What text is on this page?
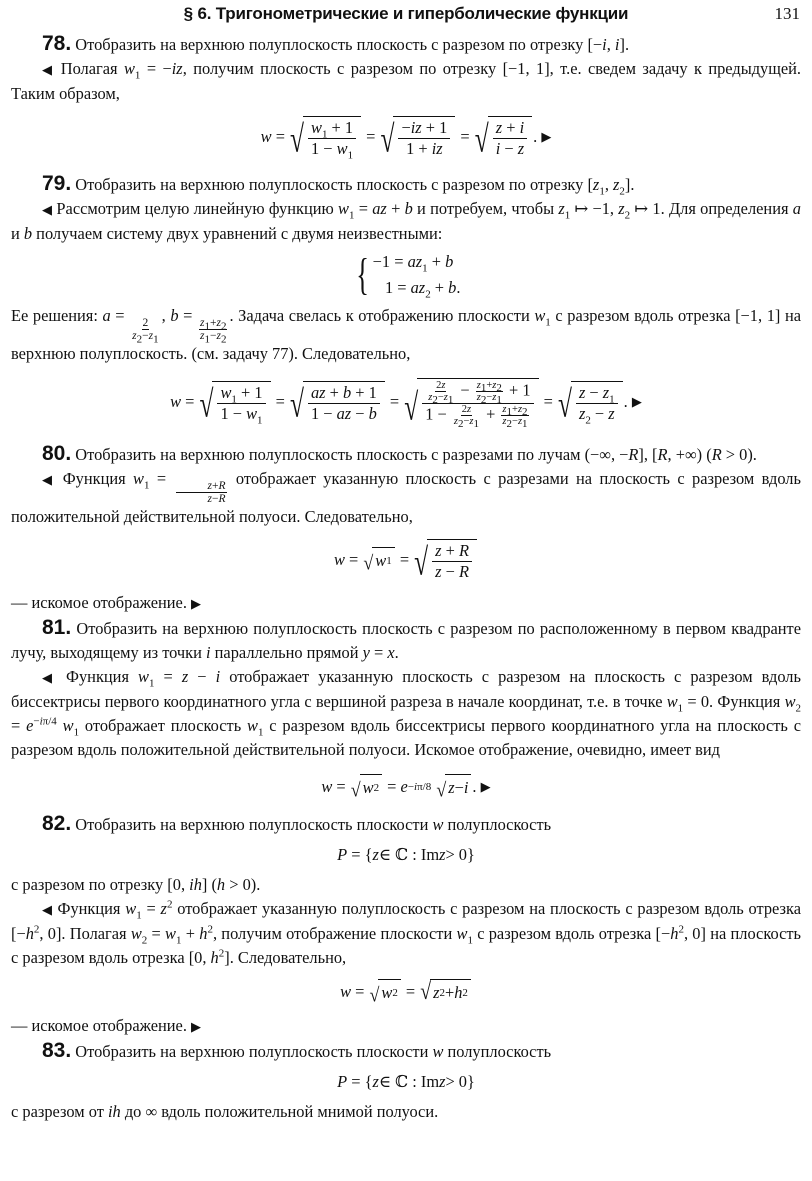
§ 6. Тригонометрические и гиперболические функции	131

78. Отобразить на верхнюю полуплоскость плоскость с разрезом по отрезку [−i, i].

◀ Полагая $w_1 = -iz$, получим плоскость с разрезом по отрезку [−1, 1], т.е. сведем задачу к предыдущей. Таким образом,

w = √ $\frac{w_1 + 1}{1 - w_1}$ = √ $\frac{-iz + 1}{1 + iz}$ = √ $\frac{z + i}{i - z}$ . ▶

79. Отобразить на верхнюю полуплоскость плоскость с разрезом по отрезку [$z_1$, $z_2$].

◀ Рассмотрим целую линейную функцию $w_1$ = az + b и потребуем, чтобы $z_1$ ↦ −1, $z_2$ ↦ 1. Для определения a и b получаем систему двух уравнений с двумя неизвестными:

{ $-1 = az_1 + b$
$1 = az_2 + b$.

Ее решения: a =
$\frac{2}{z_2-z_1}$
, b =
$\frac{z_1+z_2}{z_1-z_2}$
. Задача свелась к отображению плоскости $w_1$ с разрезом вдоль отрезка [−1, 1] на верхнюю полуплоскость. (см. задачу 77). Следовательно,

w = √ $\frac{w_1 + 1}{1 - w_1}$ = √ $\frac{az + b + 1}{1 - az - b}$ = √ $\frac{\frac{2z}{z_2-z_1} - \frac{z_1+z_2}{z_2-z_1} + 1}{1 - \frac{2z}{z_2-z_1} + \frac{z_1+z_2}{z_2-z_1}}$ = √ $\frac{z - z_1}{z_2 - z}$ . ▶

80. Отобразить на верхнюю полуплоскость плоскость с разрезами по лучам (−∞, −R], [R, +∞) (R > 0).

◀ Функция $w_1$ =
$\frac{z+R}{z-R}$
отображает указанную плоскость с разрезами на плоскость с разрезом вдоль положительной действительной полуоси. Следовательно,

w = √ w 1 = √ $\frac{z + R}{z - R}$

— искомое отображение. ▶

81. Отобразить на верхнюю полуплоскость плоскость с разрезом по расположенному в первом квадранте лучу, выходящему из точки i параллельно прямой y = x.

◀ Функция $w_1 = z - i$ отображает указанную плоскость с разрезом на плоскость с разрезом вдоль биссектрисы первого координатного угла с вершиной разреза в начале координат, т.е. в точке $w_1 = 0$. Функция $w_2 = e^{-i\pi/4}$ $w_1$ отображает плоскость $w_1$ с разрезом вдоль биссектрисы первого координатного угла на плоскость с разрезом вдоль положительной действительной полуоси. Искомое отображение, очевидно, имеет вид

w = √ w 2 = e −iπ/8
√ z − i . ▶

82. Отобразить на верхнюю полуплоскость плоскости w полуплоскость

P = { z ∈ ℂ : Im z > 0}

с разрезом по отрезку [0, ih] (h > 0).

◀ Функция $w_1 = z^2$ отображает указанную полуплоскость с разрезом на плоскость с разрезом вдоль отрезка [$-h^2$, 0]. Полагая $w_2 = w_1 + h^2$, получим отображение плоскости $w_1$ с разрезом вдоль отрезка [$-h^2$, 0] на плоскость с разрезом вдоль отрезка [0, $h^2$]. Следовательно,

w = √ w 2 = √ z 2 + h 2

— искомое отображение. ▶

83. Отобразить на верхнюю полуплоскость плоскости w полуплоскость

P = { z ∈ ℂ : Im z > 0}

с разрезом от ih до ∞ вдоль положительной мнимой полуоси.
